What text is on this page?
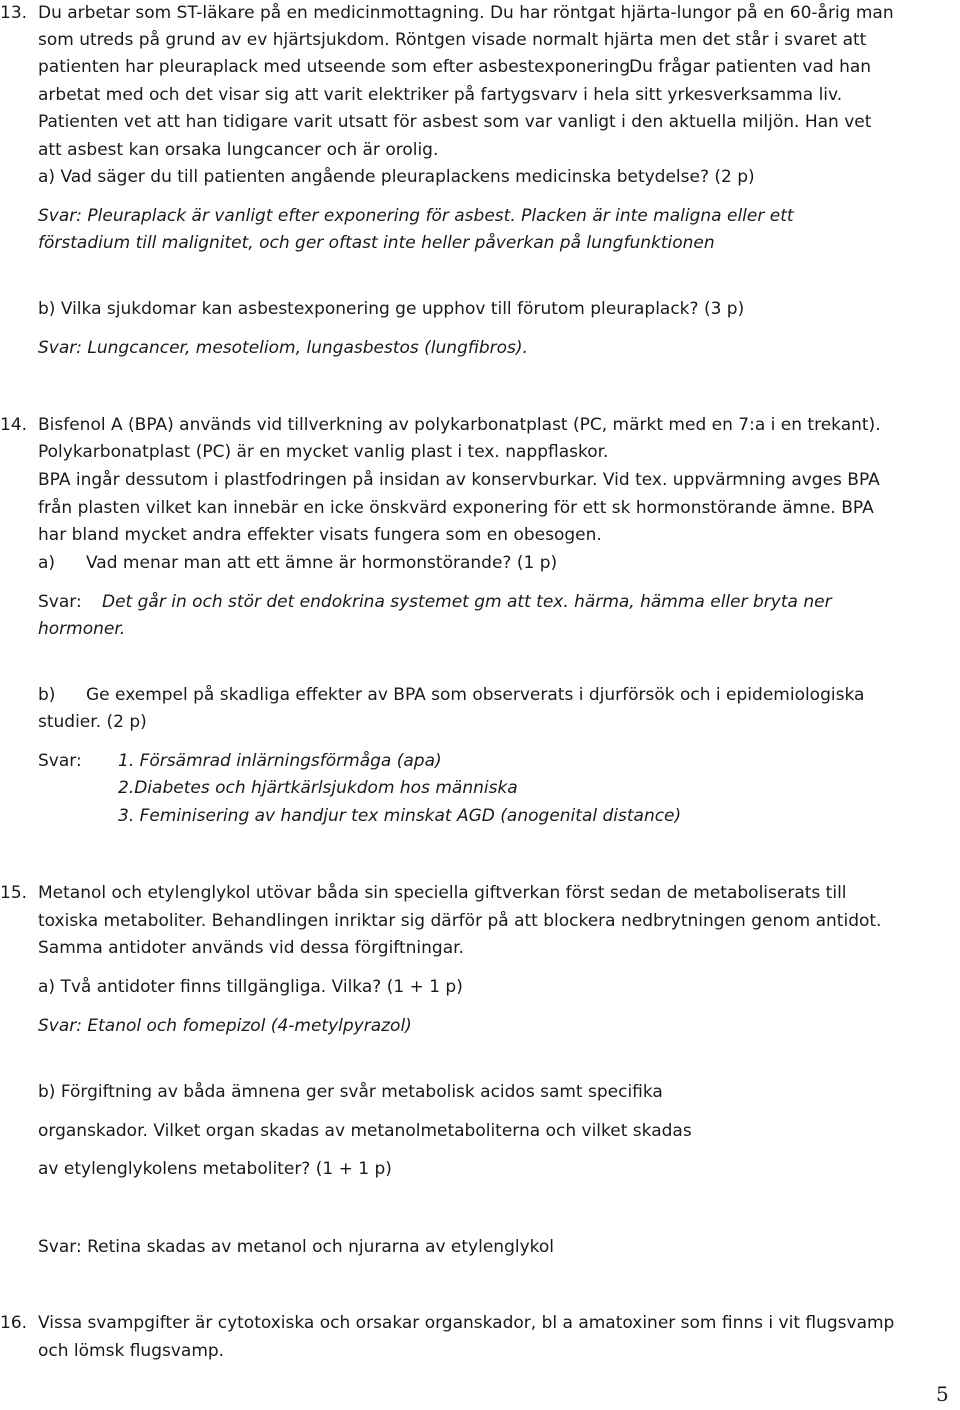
13. Du arbetar som ST-läkare på en medicinmottagning. Du har röntgat hjärta-lungor på en 60-årig man
som utreds på grund av ev hjärtsjukdom. Röntgen visade normalt hjärta men det står i svaret att
patienten har pleuraplack med utseende som efter asbestexponering.
Du frågar patienten vad han
arbetat med och det visar sig att varit elektriker på fartygsvarv i hela sitt yrkesverksamma liv.
Patienten vet att han tidigare varit utsatt för asbest som var vanligt i den aktuella miljön. Han vet
att asbest kan orsaka lungcancer och är orolig.
a) Vad säger du till patienten angående pleuraplackens medicinska betydelse? (2 p)
Svar: Pleuraplack är vanligt efter exponering för asbest. Placken är inte maligna eller ett
förstadium till malignitet, och ger oftast inte heller påverkan på lungfunktionen
b) Vilka sjukdomar kan asbestexponering ge upphov till förutom pleuraplack? (3 p)
Svar: Lungcancer, mesoteliom, lungasbestos (lungfibros).
14. Bisfenol A (BPA) används vid tillverkning av polykarbonatplast (PC, märkt med en 7:a i en trekant).
Polykarbonatplast (PC) är en mycket vanlig plast i tex. nappflaskor.
BPA ingår dessutom i plastfodringen på insidan av konservburkar. Vid tex. uppvärmning avges BPA
från plasten vilket kan innebär en icke önskvärd exponering för ett sk hormonstörande ämne. BPA
har bland mycket andra effekter visats fungera som en obesogen.
a) Vad menar man att ett ämne är hormonstörande? (1 p)
Svar: Det går in och stör det endokrina systemet gm att tex. härma, hämma eller bryta ner
hormoner.
b) Ge exempel på skadliga effekter av BPA som observerats i djurförsök och i epidemiologiska
studier. (2 p)
Svar: 1. Försämrad inlärningsförmåga (apa)
2.Diabetes och hjärtkärlsjukdom hos människa
3. Feminisering av handjur tex minskat AGD (anogenital distance)
15. Metanol och etylenglykol utövar båda sin speciella giftverkan först sedan de metaboliserats till
toxiska metaboliter. Behandlingen inriktar sig därför på att blockera nedbrytningen genom antidot.
Samma antidoter används vid dessa förgiftningar.
a) Två antidoter finns tillgängliga. Vilka? (1 + 1 p)
Svar: Etanol och fomepizol (4-metylpyrazol)
b) Förgiftning av båda ämnena ger svår metabolisk acidos samt specifika
organskador. Vilket organ skadas av metanolmetaboliterna och vilket skadas
av etylenglykolens metaboliter? (1 + 1 p)
Svar: Retina skadas av metanol och njurarna av etylenglykol
16. Vissa svampgifter är cytotoxiska och orsakar organskador, bl a amatoxiner som finns i vit flugsvamp
och lömsk flugsvamp.
5
